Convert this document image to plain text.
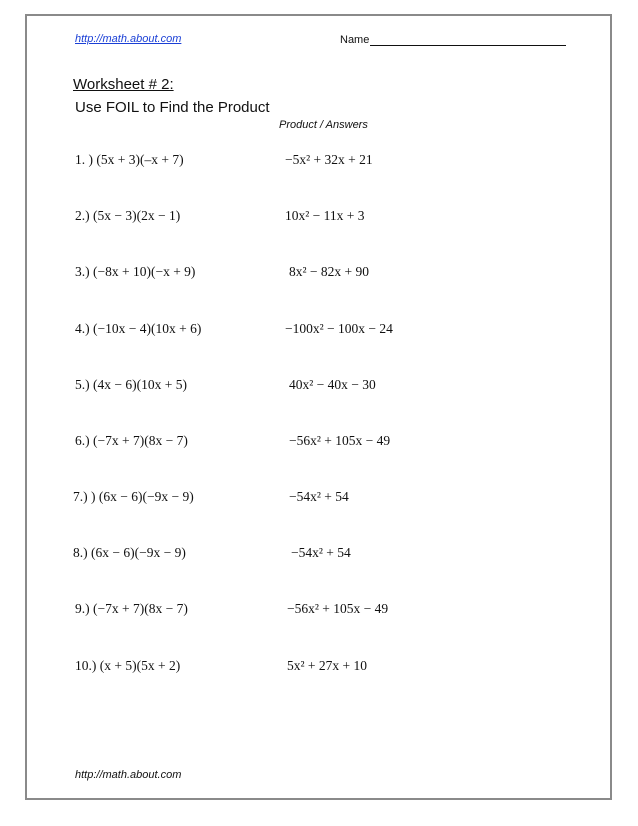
http://math.about.com	Name
Worksheet # 2:
Use FOIL to Find the Product
Product / Answers
1. ) (5x + 3)(–x + 7)	−5x² + 32x + 21
2.) (5x − 3)(2x − 1)	10x² − 11x + 3
3.) (−8x + 10)(−x + 9)	8x² − 82x + 90
4.) (−10x − 4)(10x + 6)	−100x² − 100x − 24
5.) (4x − 6)(10x + 5)	40x² − 40x − 30
6.) (−7x + 7)(8x − 7)	−56x² + 105x − 49
7.) ) (6x − 6)(−9x − 9)	−54x² + 54
8.) (6x − 6)(−9x − 9)	−54x² + 54
9.) (−7x + 7)(8x − 7)	−56x² + 105x − 49
10.) (x + 5)(5x + 2)	5x² + 27x + 10
http://math.about.com
